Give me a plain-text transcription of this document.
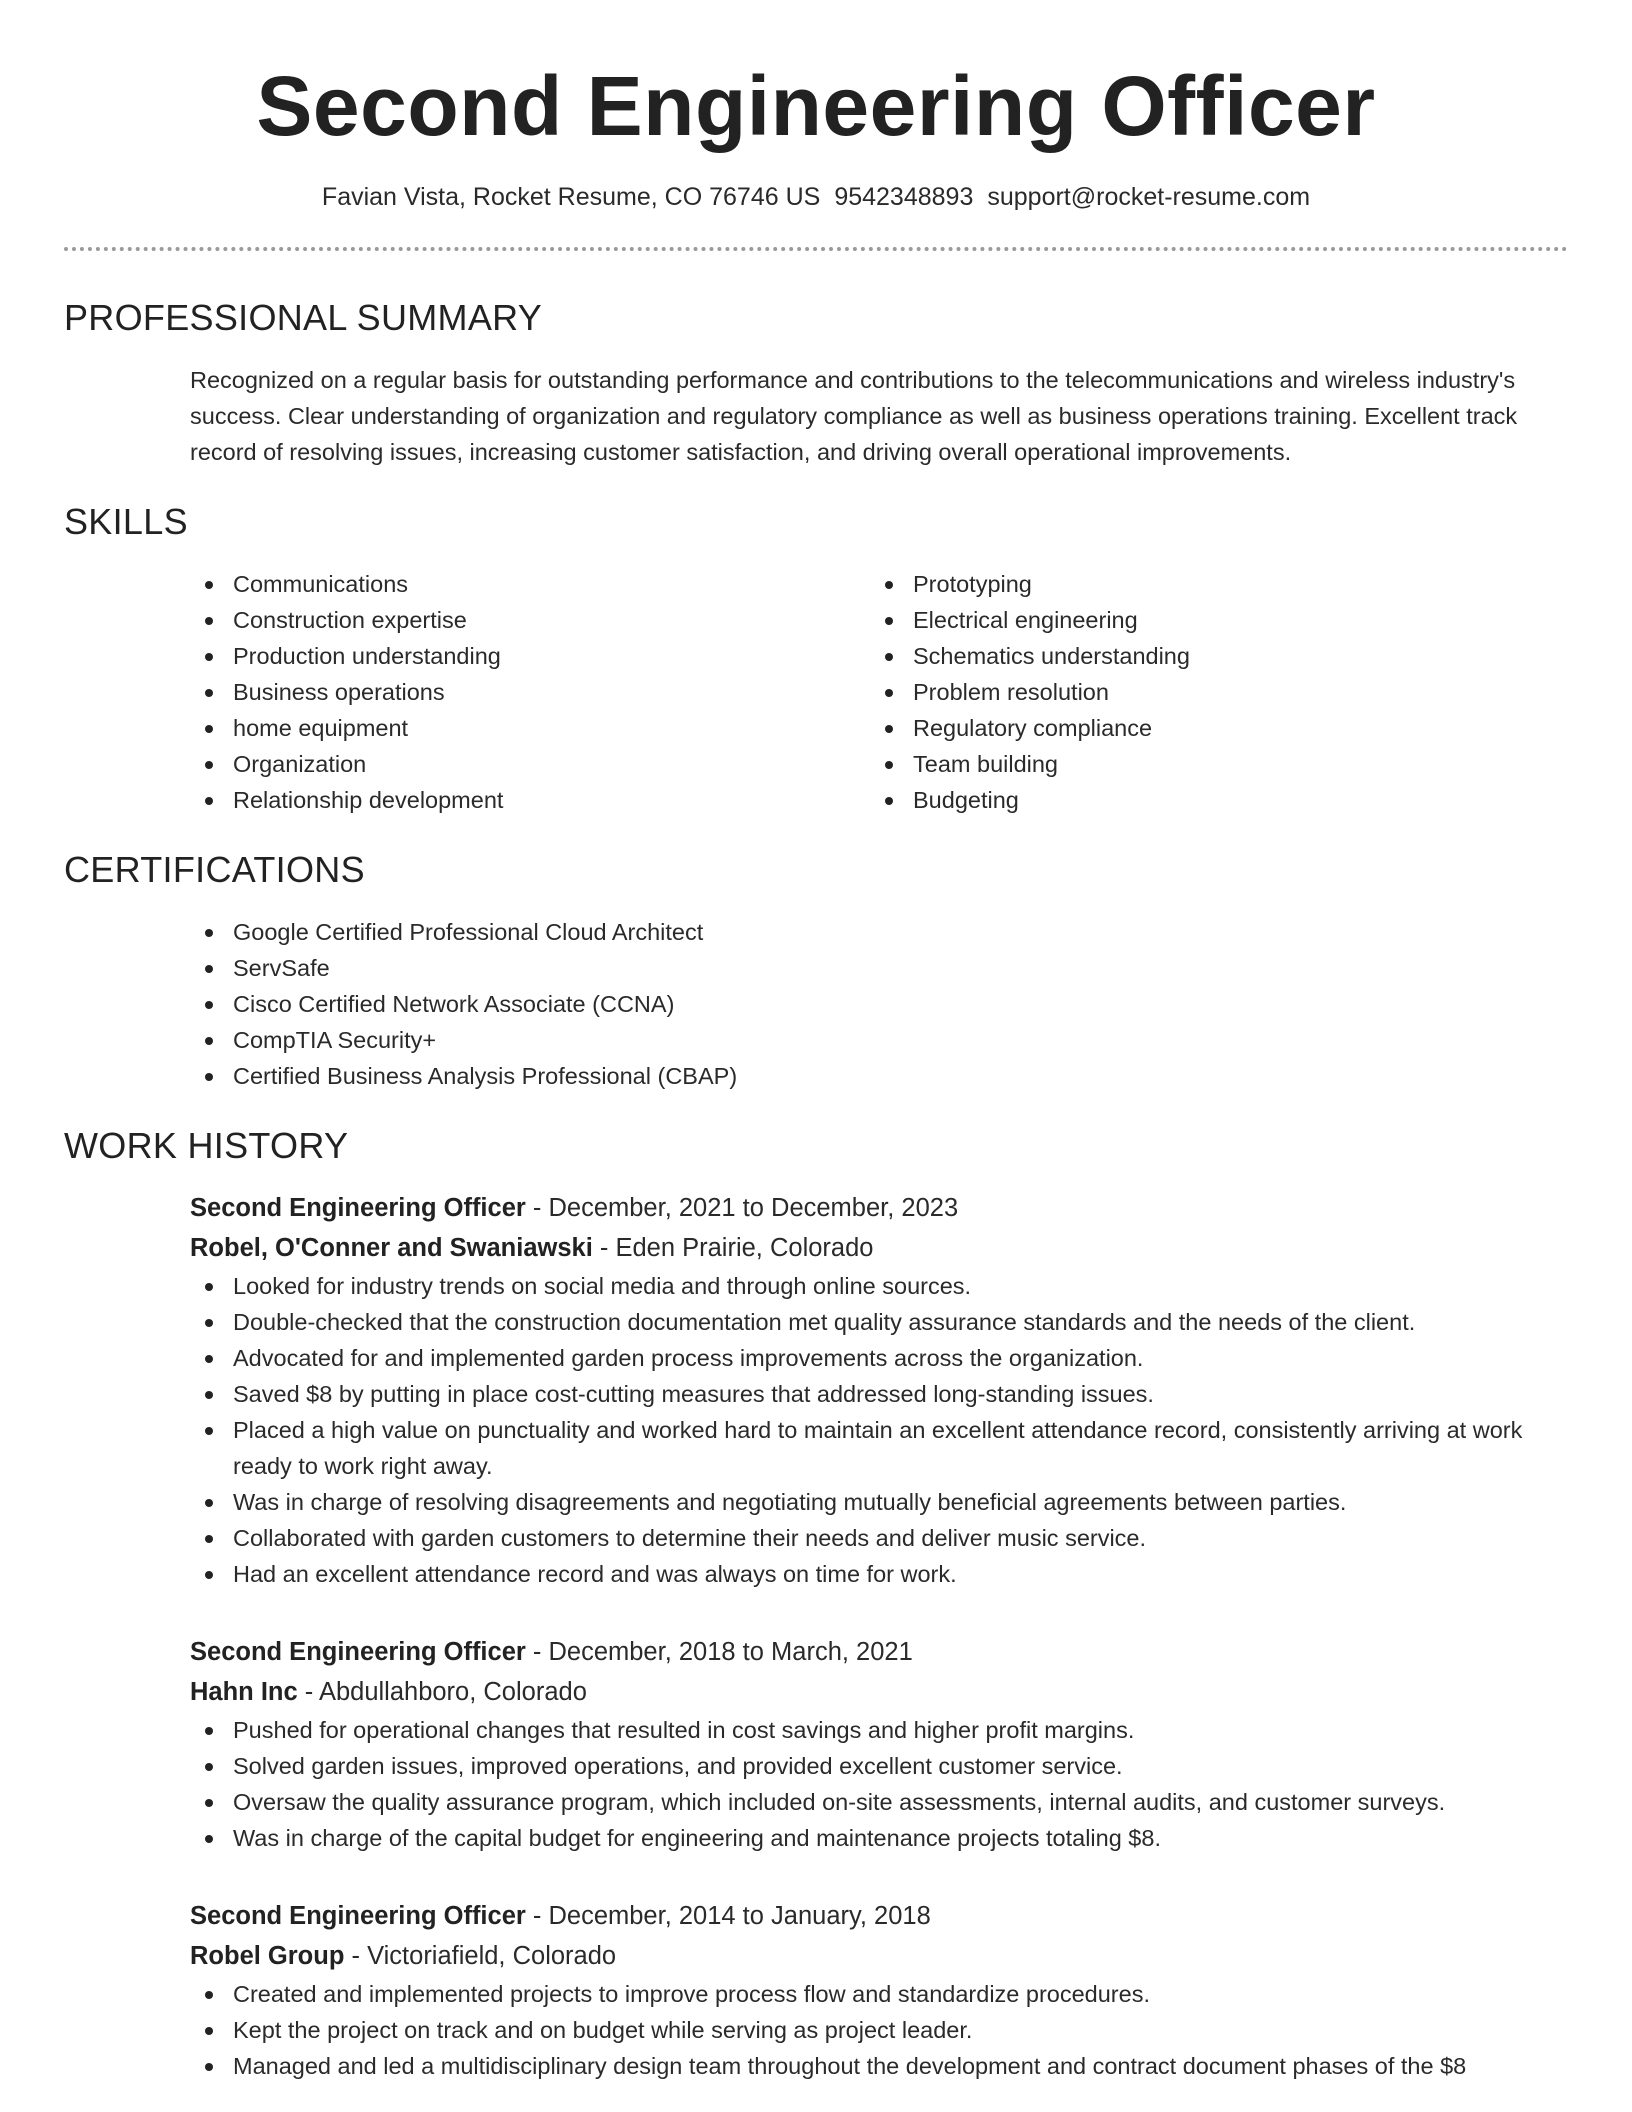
Second Engineering Officer
Favian Vista, Rocket Resume, CO 76746 US 9542348893 support@rocket-resume.com
PROFESSIONAL SUMMARY

Recognized on a regular basis for outstanding performance and contributions to the telecommunications and wireless industry's success. Clear understanding of organization and regulatory compliance as well as business operations training. Excellent track record of resolving issues, increasing customer satisfaction, and driving overall operational improvements.

SKILLS
Communications
Construction expertise
Production understanding
Business operations
home equipment
Organization
Relationship development
Prototyping
Electrical engineering
Schematics understanding
Problem resolution
Regulatory compliance
Team building
Budgeting
CERTIFICATIONS
Google Certified Professional Cloud Architect
ServSafe
Cisco Certified Network Associate (CCNA)
CompTIA Security+
Certified Business Analysis Professional (CBAP)
WORK HISTORY
Second Engineering Officer - December, 2021 to December, 2023
Robel, O'Conner and Swaniawski - Eden Prairie, Colorado
Looked for industry trends on social media and through online sources.
Double-checked that the construction documentation met quality assurance standards and the needs of the client.
Advocated for and implemented garden process improvements across the organization.
Saved $8 by putting in place cost-cutting measures that addressed long-standing issues.
Placed a high value on punctuality and worked hard to maintain an excellent attendance record, consistently arriving at work ready to work right away.
Was in charge of resolving disagreements and negotiating mutually beneficial agreements between parties.
Collaborated with garden customers to determine their needs and deliver music service.
Had an excellent attendance record and was always on time for work.
Second Engineering Officer - December, 2018 to March, 2021
Hahn Inc - Abdullahboro, Colorado
Pushed for operational changes that resulted in cost savings and higher profit margins.
Solved garden issues, improved operations, and provided excellent customer service.
Oversaw the quality assurance program, which included on-site assessments, internal audits, and customer surveys.
Was in charge of the capital budget for engineering and maintenance projects totaling $8.
Second Engineering Officer - December, 2014 to January, 2018
Robel Group - Victoriafield, Colorado
Created and implemented projects to improve process flow and standardize procedures.
Kept the project on track and on budget while serving as project leader.
Managed and led a multidisciplinary design team throughout the development and contract document phases of the $8
